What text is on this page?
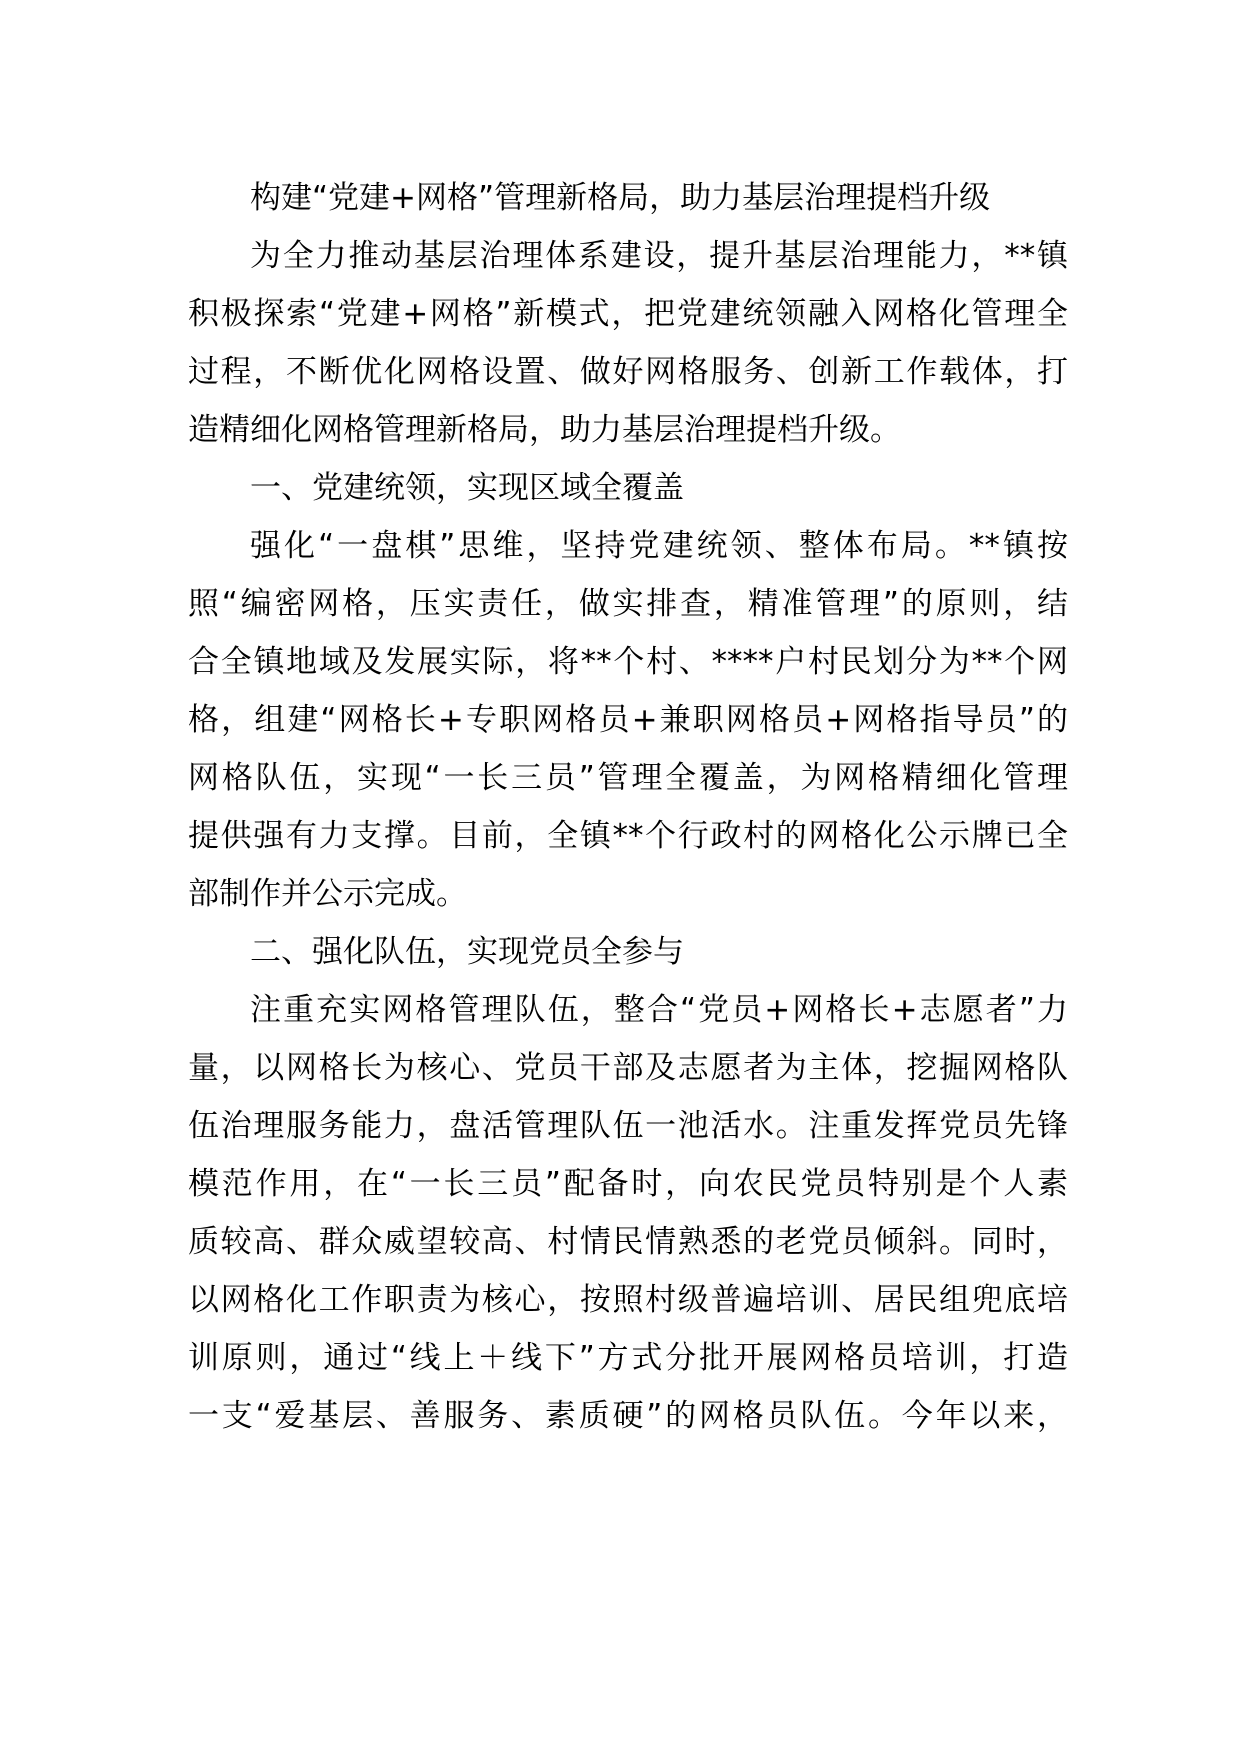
构建“党建+网格”管理新格局，助力基层治理提档升级
为全力推动基层治理体系建设，提升基层治理能力，**镇
积极探索“党建+网格”新模式，把党建统领融入网格化管理全
过程，不断优化网格设置、做好网格服务、创新工作载体，打
造精细化网格管理新格局，助力基层治理提档升级。
一、党建统领，实现区域全覆盖
强化“一盘棋”思维，坚持党建统领、整体布局。**镇按
照“编密网格，压实责任，做实排查，精准管理”的原则，结
合全镇地域及发展实际，将**个村、****户村民划分为**个网
格，组建“网格长+专职网格员+兼职网格员+网格指导员”的
网格队伍，实现“一长三员”管理全覆盖，为网格精细化管理
提供强有力支撑。目前，全镇**个行政村的网格化公示牌已全
部制作并公示完成。
二、强化队伍，实现党员全参与
注重充实网格管理队伍，整合“党员+网格长+志愿者”力
量，以网格长为核心、党员干部及志愿者为主体，挖掘网格队
伍治理服务能力，盘活管理队伍一池活水。注重发挥党员先锋
模范作用，在“一长三员”配备时，向农民党员特别是个人素
质较高、群众威望较高、村情民情熟悉的老党员倾斜。同时，
以网格化工作职责为核心，按照村级普遍培训、居民组兜底培
训原则，通过“线上＋线下”方式分批开展网格员培训，打造
一支“爱基层、善服务、素质硬”的网格员队伍。今年以来，
